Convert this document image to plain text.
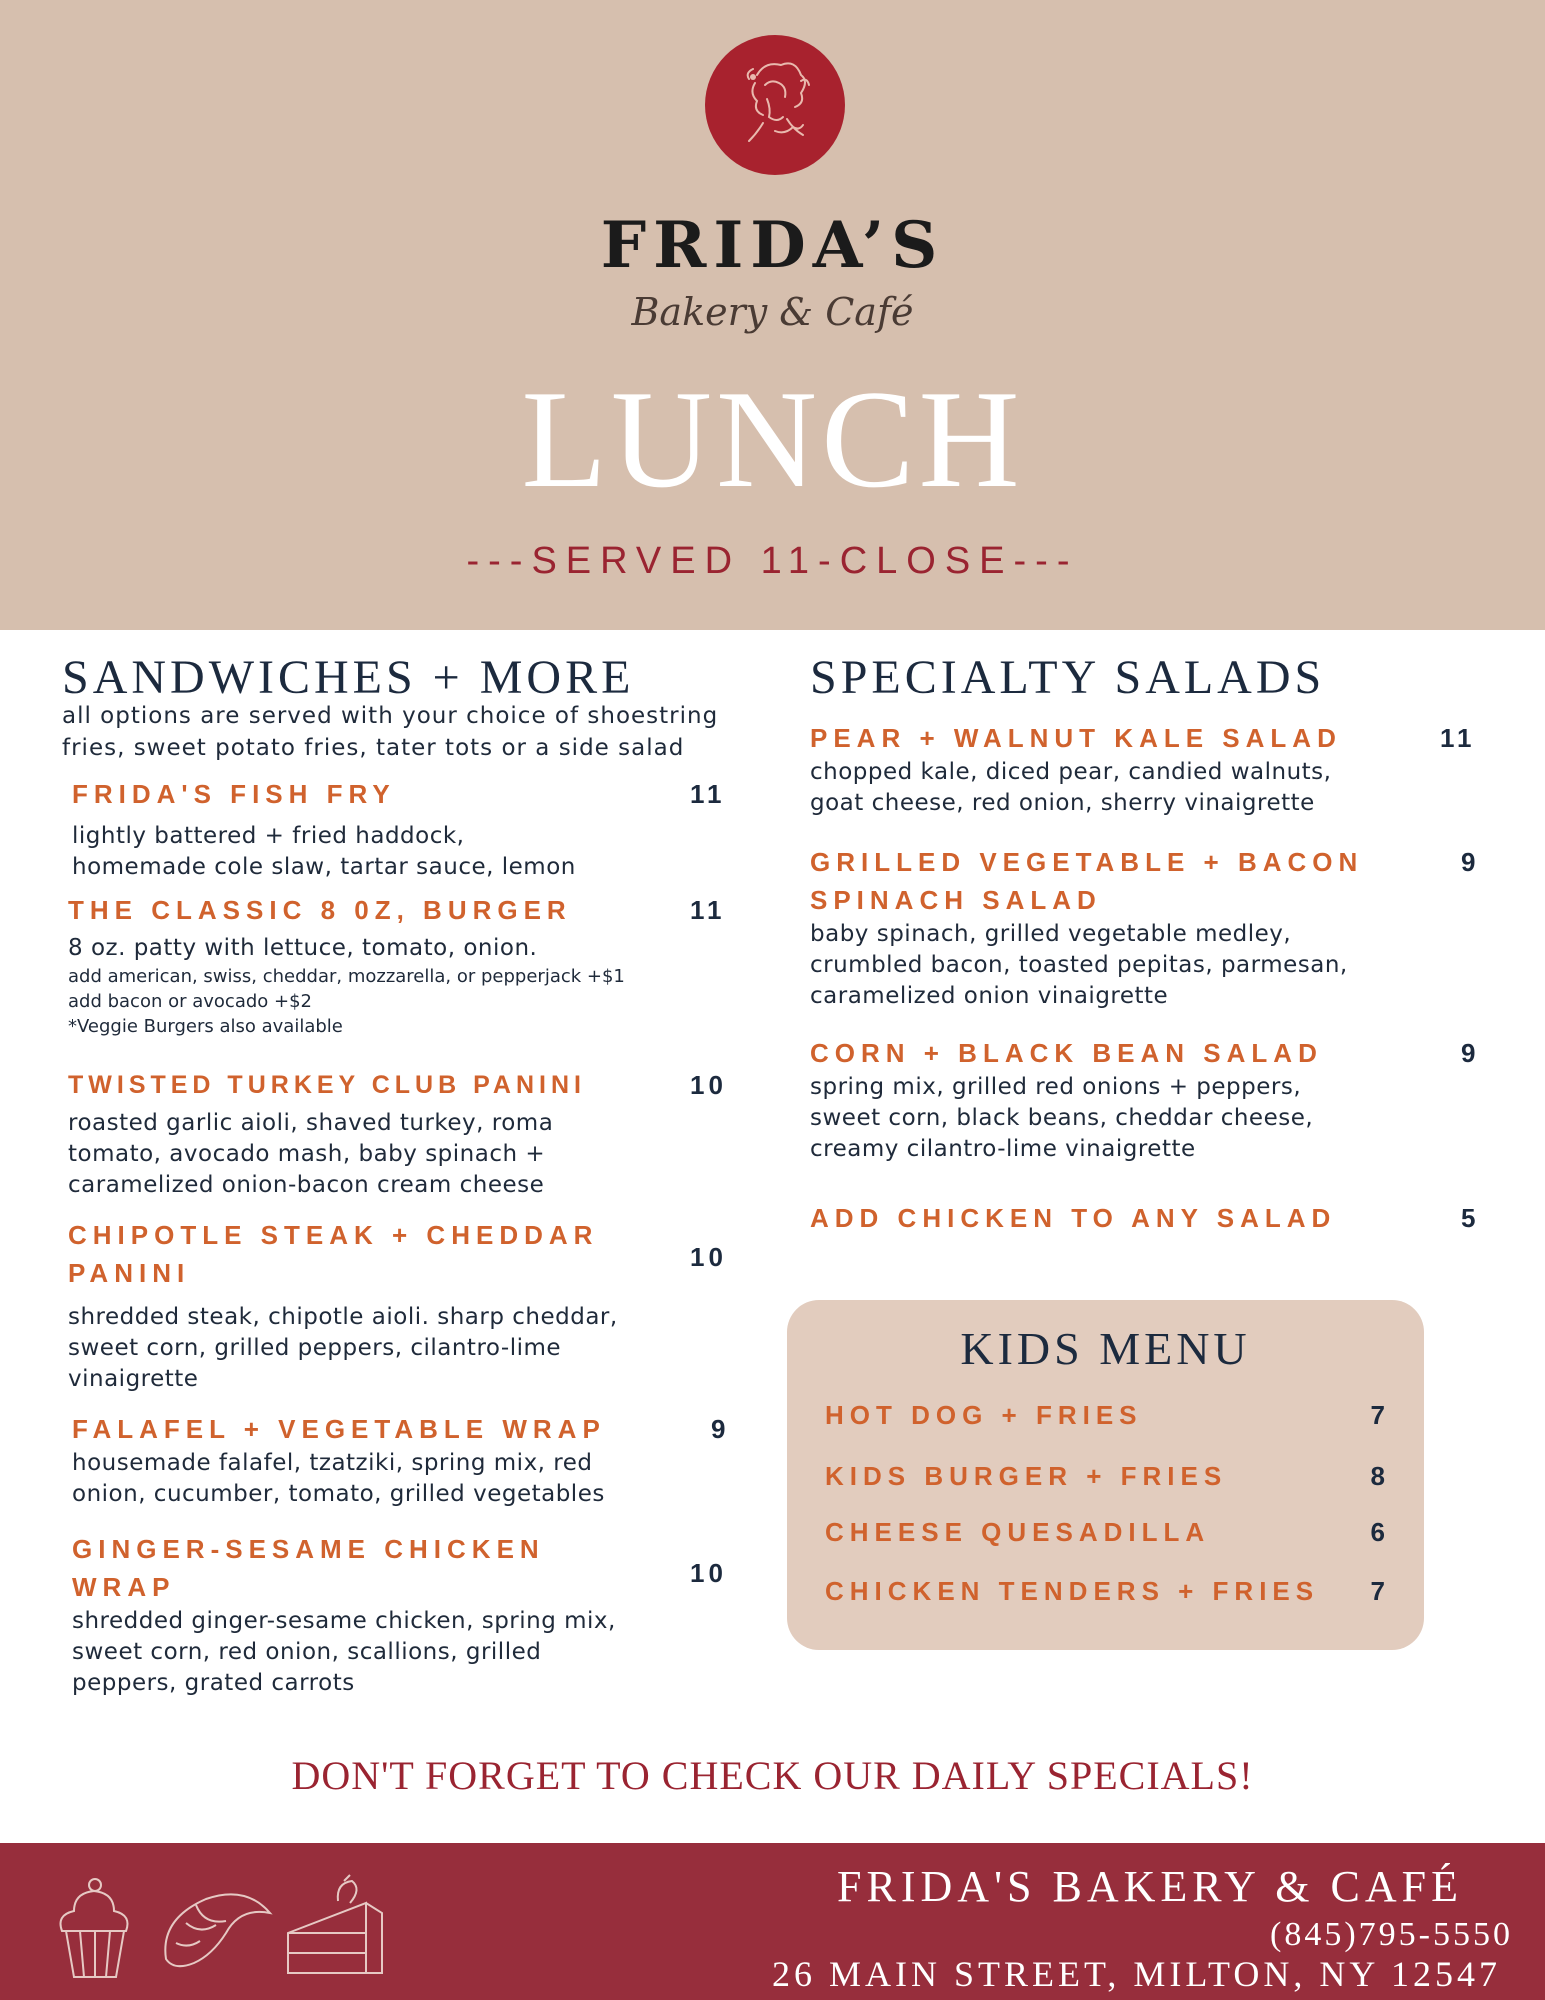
FRIDA’S
Bakery & Café
LUNCH
---SERVED 11-CLOSE---
SANDWICHES + MORE
all options are served with your choice of shoestring
fries, sweet potato fries, tater tots or a side salad
FRIDA'S FISH FRY
lightly battered + fried haddock,
homemade cole slaw, tartar sauce, lemon
11
THE CLASSIC 8 0Z, BURGER
8 oz. patty with lettuce, tomato, onion.
add american, swiss, cheddar, mozzarella, or pepperjack +$1
add bacon or avocado +$2
*Veggie Burgers also available
11
TWISTED TURKEY CLUB PANINI
roasted garlic aioli, shaved turkey, roma
tomato, avocado mash, baby spinach +
caramelized onion-bacon cream cheese
10
CHIPOTLE STEAK + CHEDDAR
PANINI
shredded steak, chipotle aioli. sharp cheddar,
sweet corn, grilled peppers, cilantro-lime
vinaigrette
10
FALAFEL + VEGETABLE WRAP
housemade falafel, tzatziki, spring mix, red
onion, cucumber, tomato, grilled vegetables
9
GINGER-SESAME CHICKEN
WRAP
shredded ginger-sesame chicken, spring mix,
sweet corn, red onion, scallions, grilled
peppers, grated carrots
10
SPECIALTY SALADS
PEAR + WALNUT KALE SALAD
chopped kale, diced pear, candied walnuts,
goat cheese, red onion, sherry vinaigrette
11
GRILLED VEGETABLE + BACON
SPINACH SALAD
baby spinach, grilled vegetable medley,
crumbled bacon, toasted pepitas, parmesan,
caramelized onion vinaigrette
9
CORN + BLACK BEAN SALAD
spring mix, grilled red onions + peppers,
sweet corn, black beans, cheddar cheese,
creamy cilantro-lime vinaigrette
9
ADD CHICKEN TO ANY SALAD	5
KIDS MENU
HOT DOG + FRIES	7
KIDS BURGER + FRIES	8
CHEESE QUESADILLA	6
CHICKEN TENDERS + FRIES 7
DON'T FORGET TO CHECK OUR DAILY SPECIALS!
FRIDA'S BAKERY & CAFÉ
(845)795-5550
26 MAIN STREET, MILTON, NY 12547
